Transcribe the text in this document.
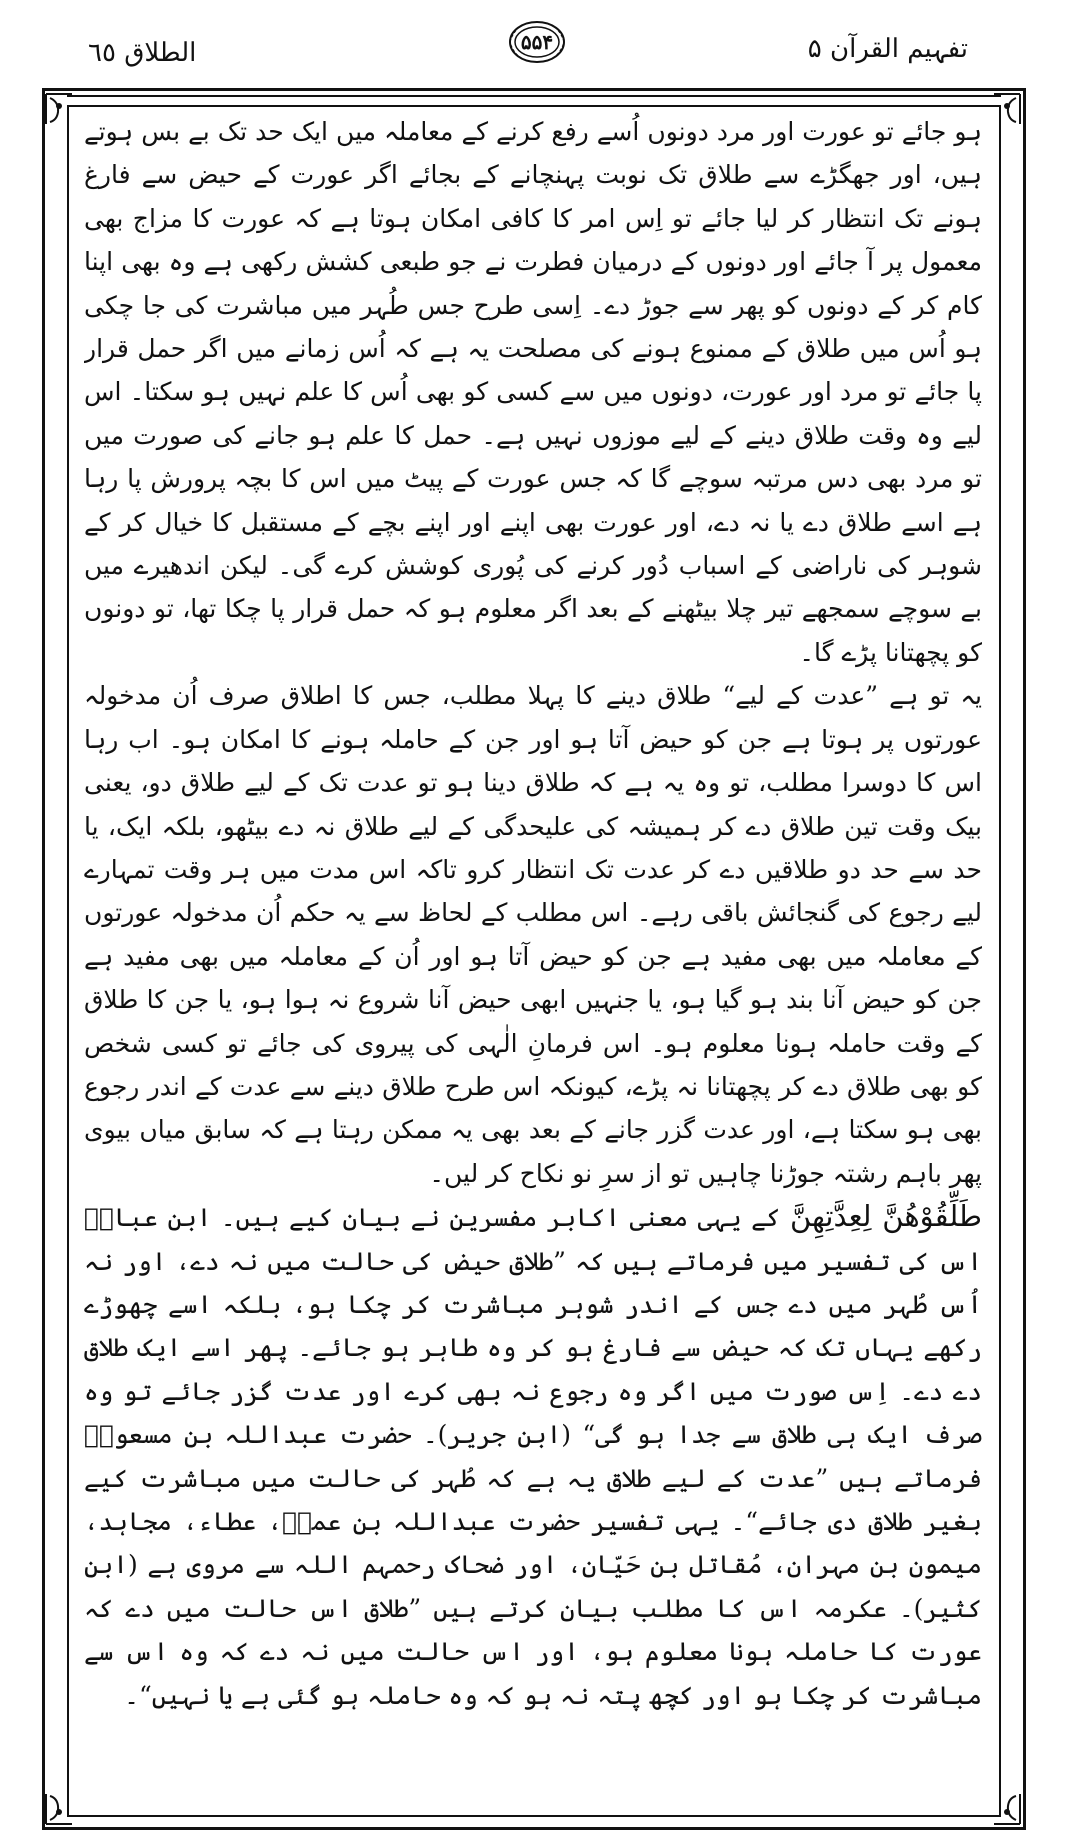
الطلاق ٦٥	۵۵۴	تفہیم القرآن ۵

ہو جائے تو عورت اور مرد دونوں اُسے رفع کرنے کے معاملہ میں ایک حد تک بے بس ہوتے ہیں، اور جھگڑے سے طلاق تک نوبت پہنچانے کے بجائے اگر عورت کے حیض سے فارغ ہونے تک انتظار کر لیا جائے تو اِس امر کا کافی امکان ہوتا ہے کہ عورت کا مزاج بھی معمول پر آ جائے اور دونوں کے درمیان فطرت نے جو طبعی کشش رکھی ہے وہ بھی اپنا کام کر کے دونوں کو پھر سے جوڑ دے۔ اِسی طرح جس طُہر میں مباشرت کی جا چکی ہو اُس میں طلاق کے ممنوع ہونے کی مصلحت یہ ہے کہ اُس زمانے میں اگر حمل قرار پا جائے تو مرد اور عورت، دونوں میں سے کسی کو بھی اُس کا علم نہیں ہو سکتا۔ اس لیے وہ وقت طلاق دینے کے لیے موزوں نہیں ہے۔ حمل کا علم ہو جانے کی صورت میں تو مرد بھی دس مرتبہ سوچے گا کہ جس عورت کے پیٹ میں اس کا بچہ پرورش پا رہا ہے اسے طلاق دے یا نہ دے، اور عورت بھی اپنے اور اپنے بچے کے مستقبل کا خیال کر کے شوہر کی ناراضی کے اسباب دُور کرنے کی پُوری کوشش کرے گی۔ لیکن اندھیرے میں بے سوچے سمجھے تیر چلا بیٹھنے کے بعد اگر معلوم ہو کہ حمل قرار پا چکا تھا، تو دونوں کو پچھتانا پڑے گا۔

یہ تو ہے ”عدت کے لیے“ طلاق دینے کا پہلا مطلب، جس کا اطلاق صرف اُن مدخولہ عورتوں پر ہوتا ہے جن کو حیض آتا ہو اور جن کے حاملہ ہونے کا امکان ہو۔ اب رہا اس کا دوسرا مطلب، تو وہ یہ ہے کہ طلاق دینا ہو تو عدت تک کے لیے طلاق دو، یعنی بیک وقت تین طلاق دے کر ہمیشہ کی علیحدگی کے لیے طلاق نہ دے بیٹھو، بلکہ ایک، یا حد سے حد دو طلاقیں دے کر عدت تک انتظار کرو تاکہ اس مدت میں ہر وقت تمہارے لیے رجوع کی گنجائش باقی رہے۔ اس مطلب کے لحاظ سے یہ حکم اُن مدخولہ عورتوں کے معاملہ میں بھی مفید ہے جن کو حیض آتا ہو اور اُن کے معاملہ میں بھی مفید ہے جن کو حیض آنا بند ہو گیا ہو، یا جنہیں ابھی حیض آنا شروع نہ ہوا ہو، یا جن کا طلاق کے وقت حاملہ ہونا معلوم ہو۔ اس فرمانِ الٰہی کی پیروی کی جائے تو کسی شخص کو بھی طلاق دے کر پچھتانا نہ پڑے، کیونکہ اس طرح طلاق دینے سے عدت کے اندر رجوع بھی ہو سکتا ہے، اور عدت گزر جانے کے بعد بھی یہ ممکن رہتا ہے کہ سابق میاں بیوی پھر باہم رشتہ جوڑنا چاہیں تو از سرِ نو نکاح کر لیں۔

طَلِّقُوْهُنَّ لِعِدَّتِهِنَّ کے یہی معنی اکابر مفسرین نے بیان کیے ہیں۔ ابن عباسؓ اس کی تفسیر میں فرماتے ہیں کہ ”طلاق حیض کی حالت میں نہ دے، اور نہ اُس طُہر میں دے جس کے اندر شوہر مباشرت کر چکا ہو، بلکہ اسے چھوڑے رکھے یہاں تک کہ حیض سے فارغ ہو کر وہ طاہر ہو جائے۔ پھر اسے ایک طلاق دے دے۔ اِس صورت میں اگر وہ رجوع نہ بھی کرے اور عدت گزر جائے تو وہ صرف ایک ہی طلاق سے جدا ہو گی“ (ابن جریر)۔ حضرت عبداللہ بن مسعودؓ فرماتے ہیں ”عدت کے لیے طلاق یہ ہے کہ طُہر کی حالت میں مباشرت کیے بغیر طلاق دی جائے“۔ یہی تفسیر حضرت عبداللہ بن عمرؓ، عطاء، مجاہد، میمون بن مہران، مُقاتل بن حَیّان، اور ضحاک رحمہم اللہ سے مروی ہے (ابن کثیر)۔ عکرمہ اس کا مطلب بیان کرتے ہیں ”طلاق اس حالت میں دے کہ عورت کا حاملہ ہونا معلوم ہو، اور اس حالت میں نہ دے کہ وہ اس سے مباشرت کر چکا ہو اور کچھ پتہ نہ ہو کہ وہ حاملہ ہو گئی ہے یا نہیں“۔
